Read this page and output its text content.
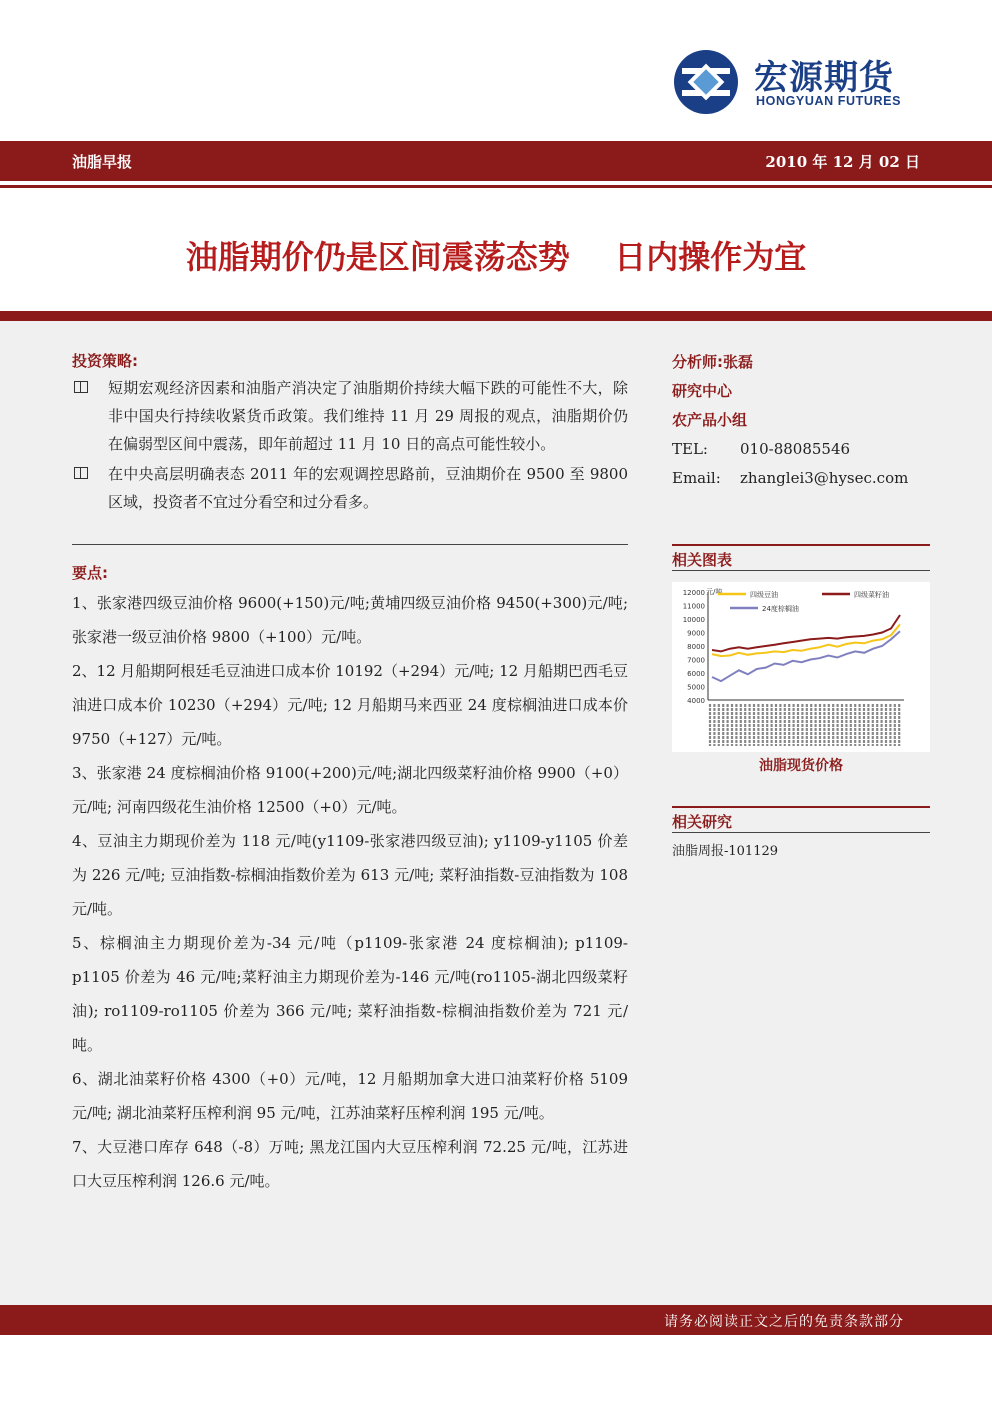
宏源期货
HONGYUAN FUTURES
油脂早报	2010 年 12 月 02 日
油脂期价仍是区间震荡态势    日内操作为宜
投资策略:
短期宏观经济因素和油脂产消决定了油脂期价持续大幅下跌的可能性不大，除非中国央行持续收紧货币政策。我们维持 11 月 29 周报的观点，油脂期价仍在偏弱型区间中震荡，即年前超过 11 月 10 日的高点可能性较小。
在中央高层明确表态 2011 年的宏观调控思路前，豆油期价在 9500 至 9800 区域，投资者不宜过分看空和过分看多。
要点:
1、张家港四级豆油价格 9600(+150)元/吨;黄埔四级豆油价格 9450(+300)元/吨; 张家港一级豆油价格 9800（+100）元/吨。
2、12 月船期阿根廷毛豆油进口成本价 10192（+294）元/吨; 12 月船期巴西毛豆油进口成本价 10230（+294）元/吨; 12 月船期马来西亚 24 度棕榈油进口成本价 9750（+127）元/吨。
3、张家港 24 度棕榈油价格 9100(+200)元/吨;湖北四级菜籽油价格 9900（+0）元/吨; 河南四级花生油价格 12500（+0）元/吨。
4、豆油主力期现价差为 118 元/吨(y1109-张家港四级豆油); y1109-y1105 价差为 226 元/吨; 豆油指数-棕榈油指数价差为 613 元/吨; 菜籽油指数-豆油指数为 108 元/吨。
5、棕榈油主力期现价差为-34 元/吨（p1109-张家港 24 度棕榈油); p1109-p1105 价差为 46 元/吨;菜籽油主力期现价差为-146 元/吨(ro1105-湖北四级菜籽油); ro1109-ro1105 价差为 366 元/吨; 菜籽油指数-棕榈油指数价差为 721 元/吨。
6、湖北油菜籽价格 4300（+0）元/吨，12 月船期加拿大进口油菜籽价格 5109 元/吨; 湖北油菜籽压榨利润 95 元/吨，江苏油菜籽压榨利润 195 元/吨。
7、大豆港口库存 648（-8）万吨; 黑龙江国内大豆压榨利润 72.25 元/吨，江苏进口大豆压榨利润 126.6 元/吨。
分析师:张磊
研究中心
农产品小组
TEL: 010-88085546
Email: zhanglei3@hysec.com
相关图表
12000
11000
10000
9000
8000
7000
6000
5000
4000
元/吨	四级豆油	四级菜籽油
24度棕榈油
油脂现货价格
相关研究
油脂周报-101129
请务必阅读正文之后的免责条款部分
